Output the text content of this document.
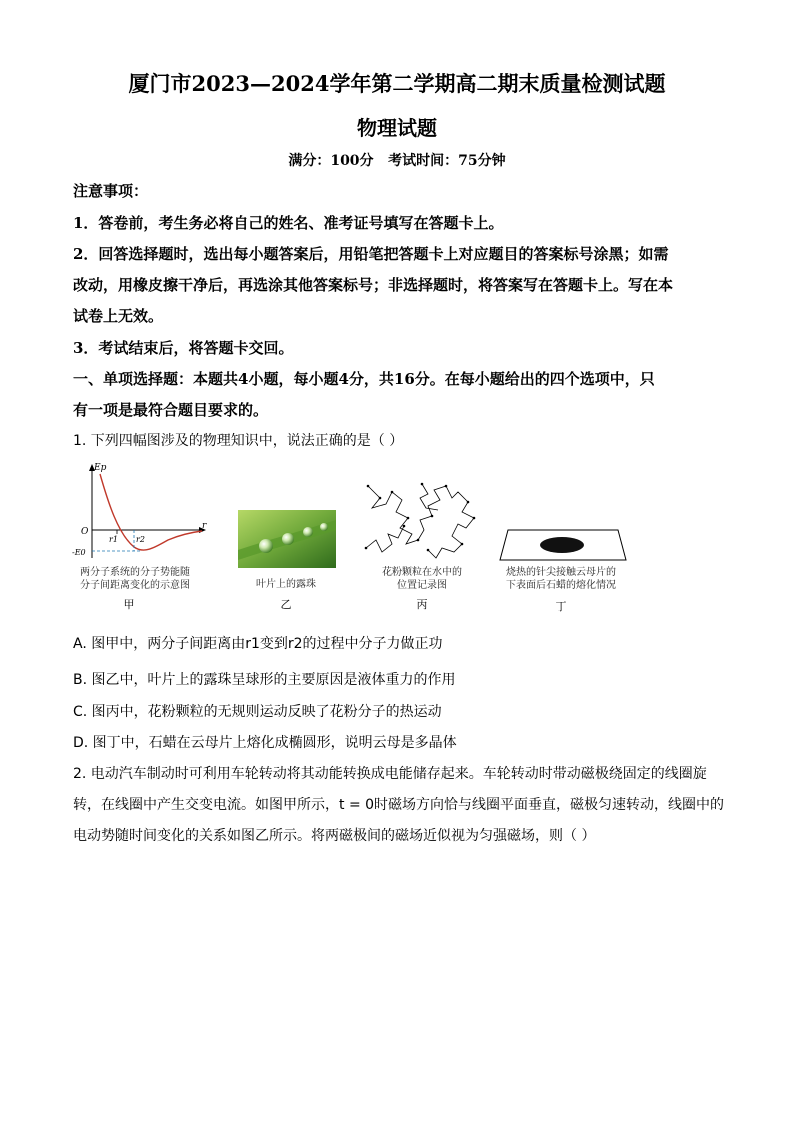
厦门市2023—2024学年第二学期高二期末质量检测试题
物理试题
满分：100分   考试时间：75分钟
注意事项：
1．答卷前，考生务必将自己的姓名、准考证号填写在答题卡上。
2．回答选择题时，选出每小题答案后，用铅笔把答题卡上对应题目的答案标号涂黑；如需
改动，用橡皮擦干净后，再选涂其他答案标号；非选择题时，将答案写在答题卡上。写在本
试卷上无效。
3．考试结束后，将答题卡交回。
一、单项选择题：本题共4小题，每小题4分，共16分。在每小题给出的四个选项中，只
有一项是最符合题目要求的。
1. 下列四幅图涉及的物理知识中，说法正确的是（ ）
Ep
r
O
-E0
r1 r2
两分子系统的分子势能随
分子间距离变化的示意图
甲
叶片上的露珠
乙
花粉颗粒在水中的
位置记录图
丙
烧热的针尖接触云母片的
下表面后石蜡的熔化情况
丁
A. 图甲中，两分子间距离由r1变到r2的过程中分子力做正功
B. 图乙中，叶片上的露珠呈球形的主要原因是液体重力的作用
C. 图丙中，花粉颗粒的无规则运动反映了花粉分子的热运动
D. 图丁中，石蜡在云母片上熔化成椭圆形，说明云母是多晶体
2. 电动汽车制动时可利用车轮转动将其动能转换成电能储存起来。车轮转动时带动磁极绕固定的线圈旋
转，在线圈中产生交变电流。如图甲所示，t = 0时磁场方向恰与线圈平面垂直，磁极匀速转动，线圈中的
电动势随时间变化的关系如图乙所示。将两磁极间的磁场近似视为匀强磁场，则（ ）
